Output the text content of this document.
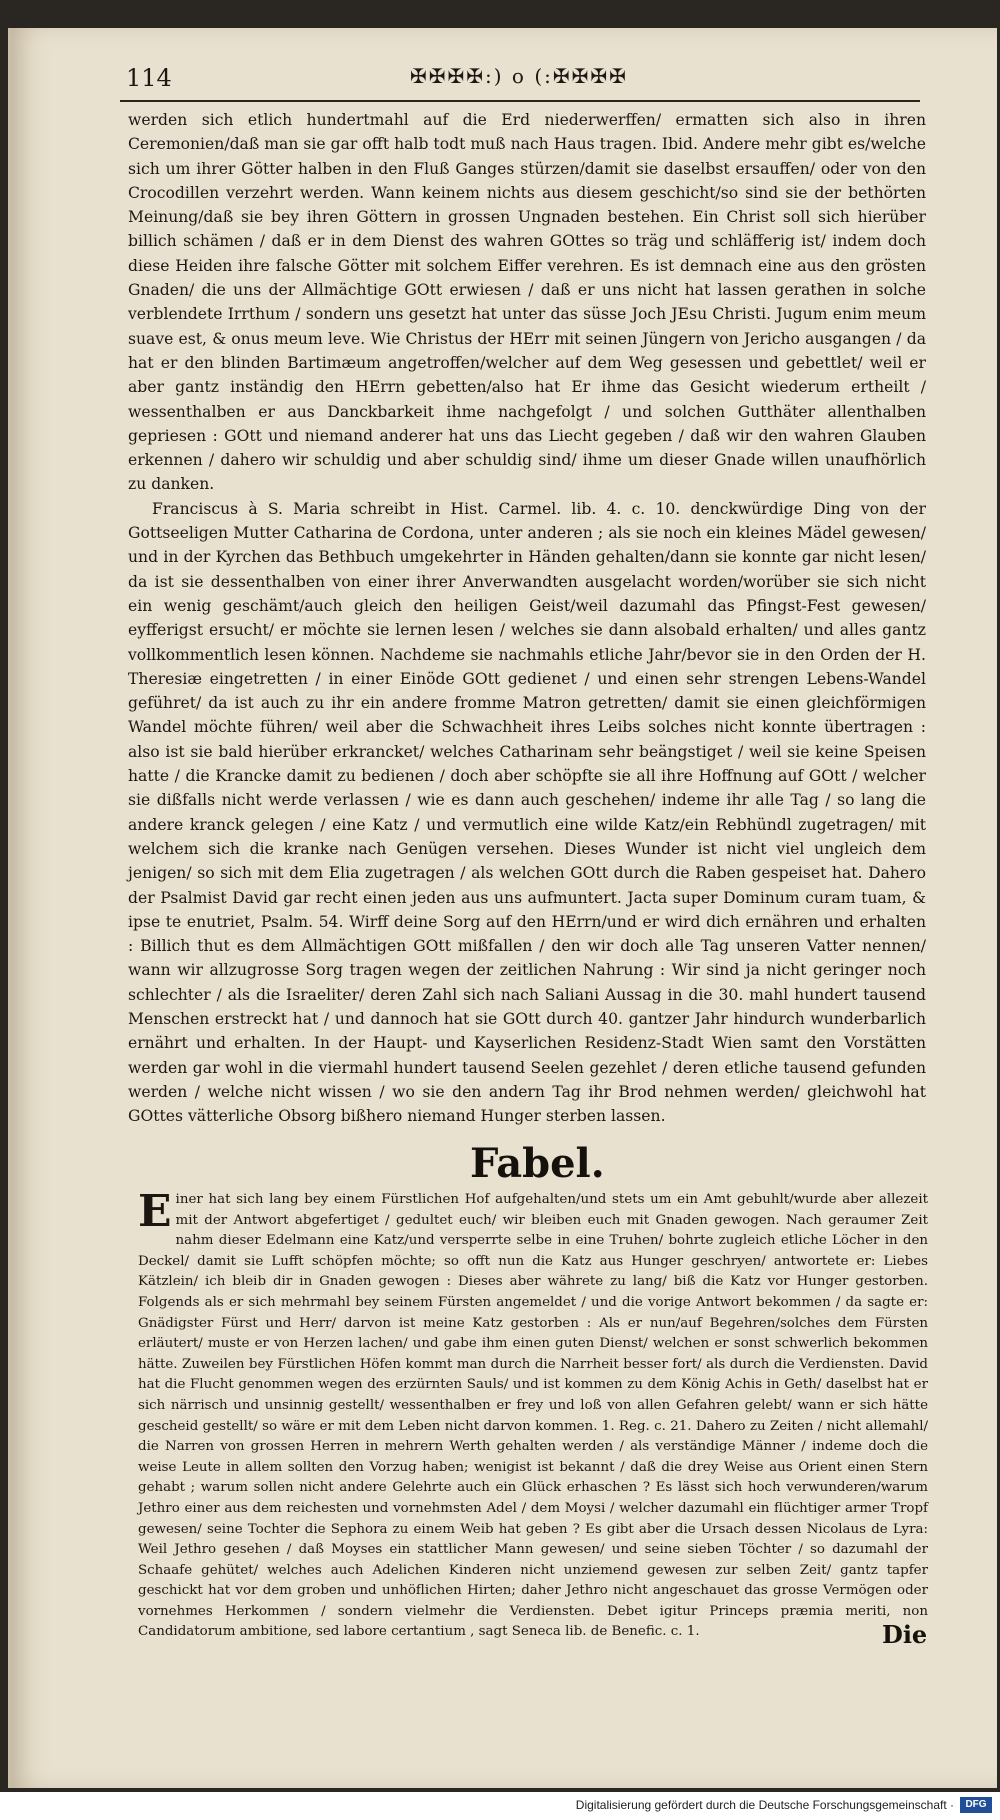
114	✠✠✠✠:) o (:✠✠✠✠

werden sich etlich hundertmahl auf die Erd niederwerffen/ ermatten sich also in ihren Ceremonien/daß man sie gar offt halb todt muß nach Haus tragen. Ibid. Andere mehr gibt es/welche sich um ihrer Götter halben in den Fluß Ganges stürzen/damit sie daselbst ersauffen/ oder von den Crocodillen verzehrt werden. Wann keinem nichts aus diesem geschicht/so sind sie der bethörten Meinung/daß sie bey ihren Göttern in grossen Ungnaden bestehen. Ein Christ soll sich hierüber billich schämen / daß er in dem Dienst des wahren GOttes so träg und schläfferig ist/ indem doch diese Heiden ihre falsche Götter mit solchem Eiffer verehren. Es ist demnach eine aus den grösten Gnaden/ die uns der Allmächtige GOtt erwiesen / daß er uns nicht hat lassen gerathen in solche verblendete Irrthum / sondern uns gesetzt hat unter das süsse Joch JEsu Christi. Jugum enim meum suave est, & onus meum leve. Wie Christus der HErr mit seinen Jüngern von Jericho ausgangen / da hat er den blinden Bartimæum angetroffen/welcher auf dem Weg gesessen und gebettlet/ weil er aber gantz inständig den HErrn gebetten/also hat Er ihme das Gesicht wiederum ertheilt / wessenthalben er aus Danckbarkeit ihme nachgefolgt / und solchen Gutthäter allenthalben gepriesen : GOtt und niemand anderer hat uns das Liecht gegeben / daß wir den wahren Glauben erkennen / dahero wir schuldig und aber schuldig sind/ ihme um dieser Gnade willen unaufhörlich zu danken.

Franciscus à S. Maria schreibt in Hist. Carmel. lib. 4. c. 10. denckwürdige Ding von der Gottseeligen Mutter Catharina de Cordona, unter anderen ; als sie noch ein kleines Mädel gewesen/ und in der Kyrchen das Bethbuch umgekehrter in Händen gehalten/dann sie konnte gar nicht lesen/ da ist sie dessenthalben von einer ihrer Anverwandten ausgelacht worden/worüber sie sich nicht ein wenig geschämt/auch gleich den heiligen Geist/weil dazumahl das Pfingst-Fest gewesen/ eyfferigst ersucht/ er möchte sie lernen lesen / welches sie dann alsobald erhalten/ und alles gantz vollkommentlich lesen können. Nachdeme sie nachmahls etliche Jahr/bevor sie in den Orden der H. Theresiæ eingetretten / in einer Einöde GOtt gedienet / und einen sehr strengen Lebens-Wandel geführet/ da ist auch zu ihr ein andere fromme Matron getretten/ damit sie einen gleichförmigen Wandel möchte führen/ weil aber die Schwachheit ihres Leibs solches nicht konnte übertragen : also ist sie bald hierüber erkrancket/ welches Catharinam sehr beängstiget / weil sie keine Speisen hatte / die Krancke damit zu bedienen / doch aber schöpfte sie all ihre Hoffnung auf GOtt / welcher sie dißfalls nicht werde verlassen / wie es dann auch geschehen/ indeme ihr alle Tag / so lang die andere kranck gelegen / eine Katz / und vermutlich eine wilde Katz/ein Rebhündl zugetragen/ mit welchem sich die kranke nach Genügen versehen. Dieses Wunder ist nicht viel ungleich dem jenigen/ so sich mit dem Elia zugetragen / als welchen GOtt durch die Raben gespeiset hat. Dahero der Psalmist David gar recht einen jeden aus uns aufmuntert. Jacta super Dominum curam tuam, & ipse te enutriet, Psalm. 54. Wirff deine Sorg auf den HErrn/und er wird dich ernähren und erhalten : Billich thut es dem Allmächtigen GOtt mißfallen / den wir doch alle Tag unseren Vatter nennen/ wann wir allzugrosse Sorg tragen wegen der zeitlichen Nahrung : Wir sind ja nicht geringer noch schlechter / als die Israeliter/ deren Zahl sich nach Saliani Aussag in die 30. mahl hundert tausend Menschen erstreckt hat / und dannoch hat sie GOtt durch 40. gantzer Jahr hindurch wunderbarlich ernährt und erhalten. In der Haupt- und Kayserlichen Residenz-Stadt Wien samt den Vorstätten werden gar wohl in die viermahl hundert tausend Seelen gezehlet / deren etliche tausend gefunden werden / welche nicht wissen / wo sie den andern Tag ihr Brod nehmen werden/ gleichwohl hat GOttes vätterliche Obsorg bißhero niemand Hunger sterben lassen.

Fabel.

Einer hat sich lang bey einem Fürstlichen Hof aufgehalten/und stets um ein Amt gebuhlt/wurde aber allezeit mit der Antwort abgefertiget / gedultet euch/ wir bleiben euch mit Gnaden gewogen. Nach geraumer Zeit nahm dieser Edelmann eine Katz/und versperrte selbe in eine Truhen/ bohrte zugleich etliche Löcher in den Deckel/ damit sie Lufft schöpfen möchte; so offt nun die Katz aus Hunger geschryen/ antwortete er: Liebes Kätzlein/ ich bleib dir in Gnaden gewogen : Dieses aber währete zu lang/ biß die Katz vor Hunger gestorben. Folgends als er sich mehrmahl bey seinem Fürsten angemeldet / und die vorige Antwort bekommen / da sagte er: Gnädigster Fürst und Herr/ darvon ist meine Katz gestorben : Als er nun/auf Begehren/solches dem Fürsten erläutert/ muste er von Herzen lachen/ und gabe ihm einen guten Dienst/ welchen er sonst schwerlich bekommen hätte. Zuweilen bey Fürstlichen Höfen kommt man durch die Narrheit besser fort/ als durch die Verdiensten. David hat die Flucht genommen wegen des erzürnten Sauls/ und ist kommen zu dem König Achis in Geth/ daselbst hat er sich närrisch und unsinnig gestellt/ wessenthalben er frey und loß von allen Gefahren gelebt/ wann er sich hätte gescheid gestellt/ so wäre er mit dem Leben nicht darvon kommen. 1. Reg. c. 21. Dahero zu Zeiten / nicht allemahl/ die Narren von grossen Herren in mehrern Werth gehalten werden / als verständige Männer / indeme doch die weise Leute in allem sollten den Vorzug haben; wenigist ist bekannt / daß die drey Weise aus Orient einen Stern gehabt ; warum sollen nicht andere Gelehrte auch ein Glück erhaschen ? Es lässt sich hoch verwunderen/warum Jethro einer aus dem reichesten und vornehmsten Adel / dem Moysi / welcher dazumahl ein flüchtiger armer Tropf gewesen/ seine Tochter die Sephora zu einem Weib hat geben ? Es gibt aber die Ursach dessen Nicolaus de Lyra: Weil Jethro gesehen / daß Moyses ein stattlicher Mann gewesen/ und seine sieben Töchter / so dazumahl der Schaafe gehütet/ welches auch Adelichen Kinderen nicht unziemend gewesen zur selben Zeit/ gantz tapfer geschickt hat vor dem groben und unhöflichen Hirten; daher Jethro nicht angeschauet das grosse Vermögen oder vornehmes Herkommen / sondern vielmehr die Verdiensten. Debet igitur Princeps præmia meriti, non Candidatorum ambitione, sed labore certantium , sagt Seneca lib. de Benefic. c. 1.	Die
Digitalisierung gefördert durch die Deutsche Forschungsgemeinschaft ·	DFG
